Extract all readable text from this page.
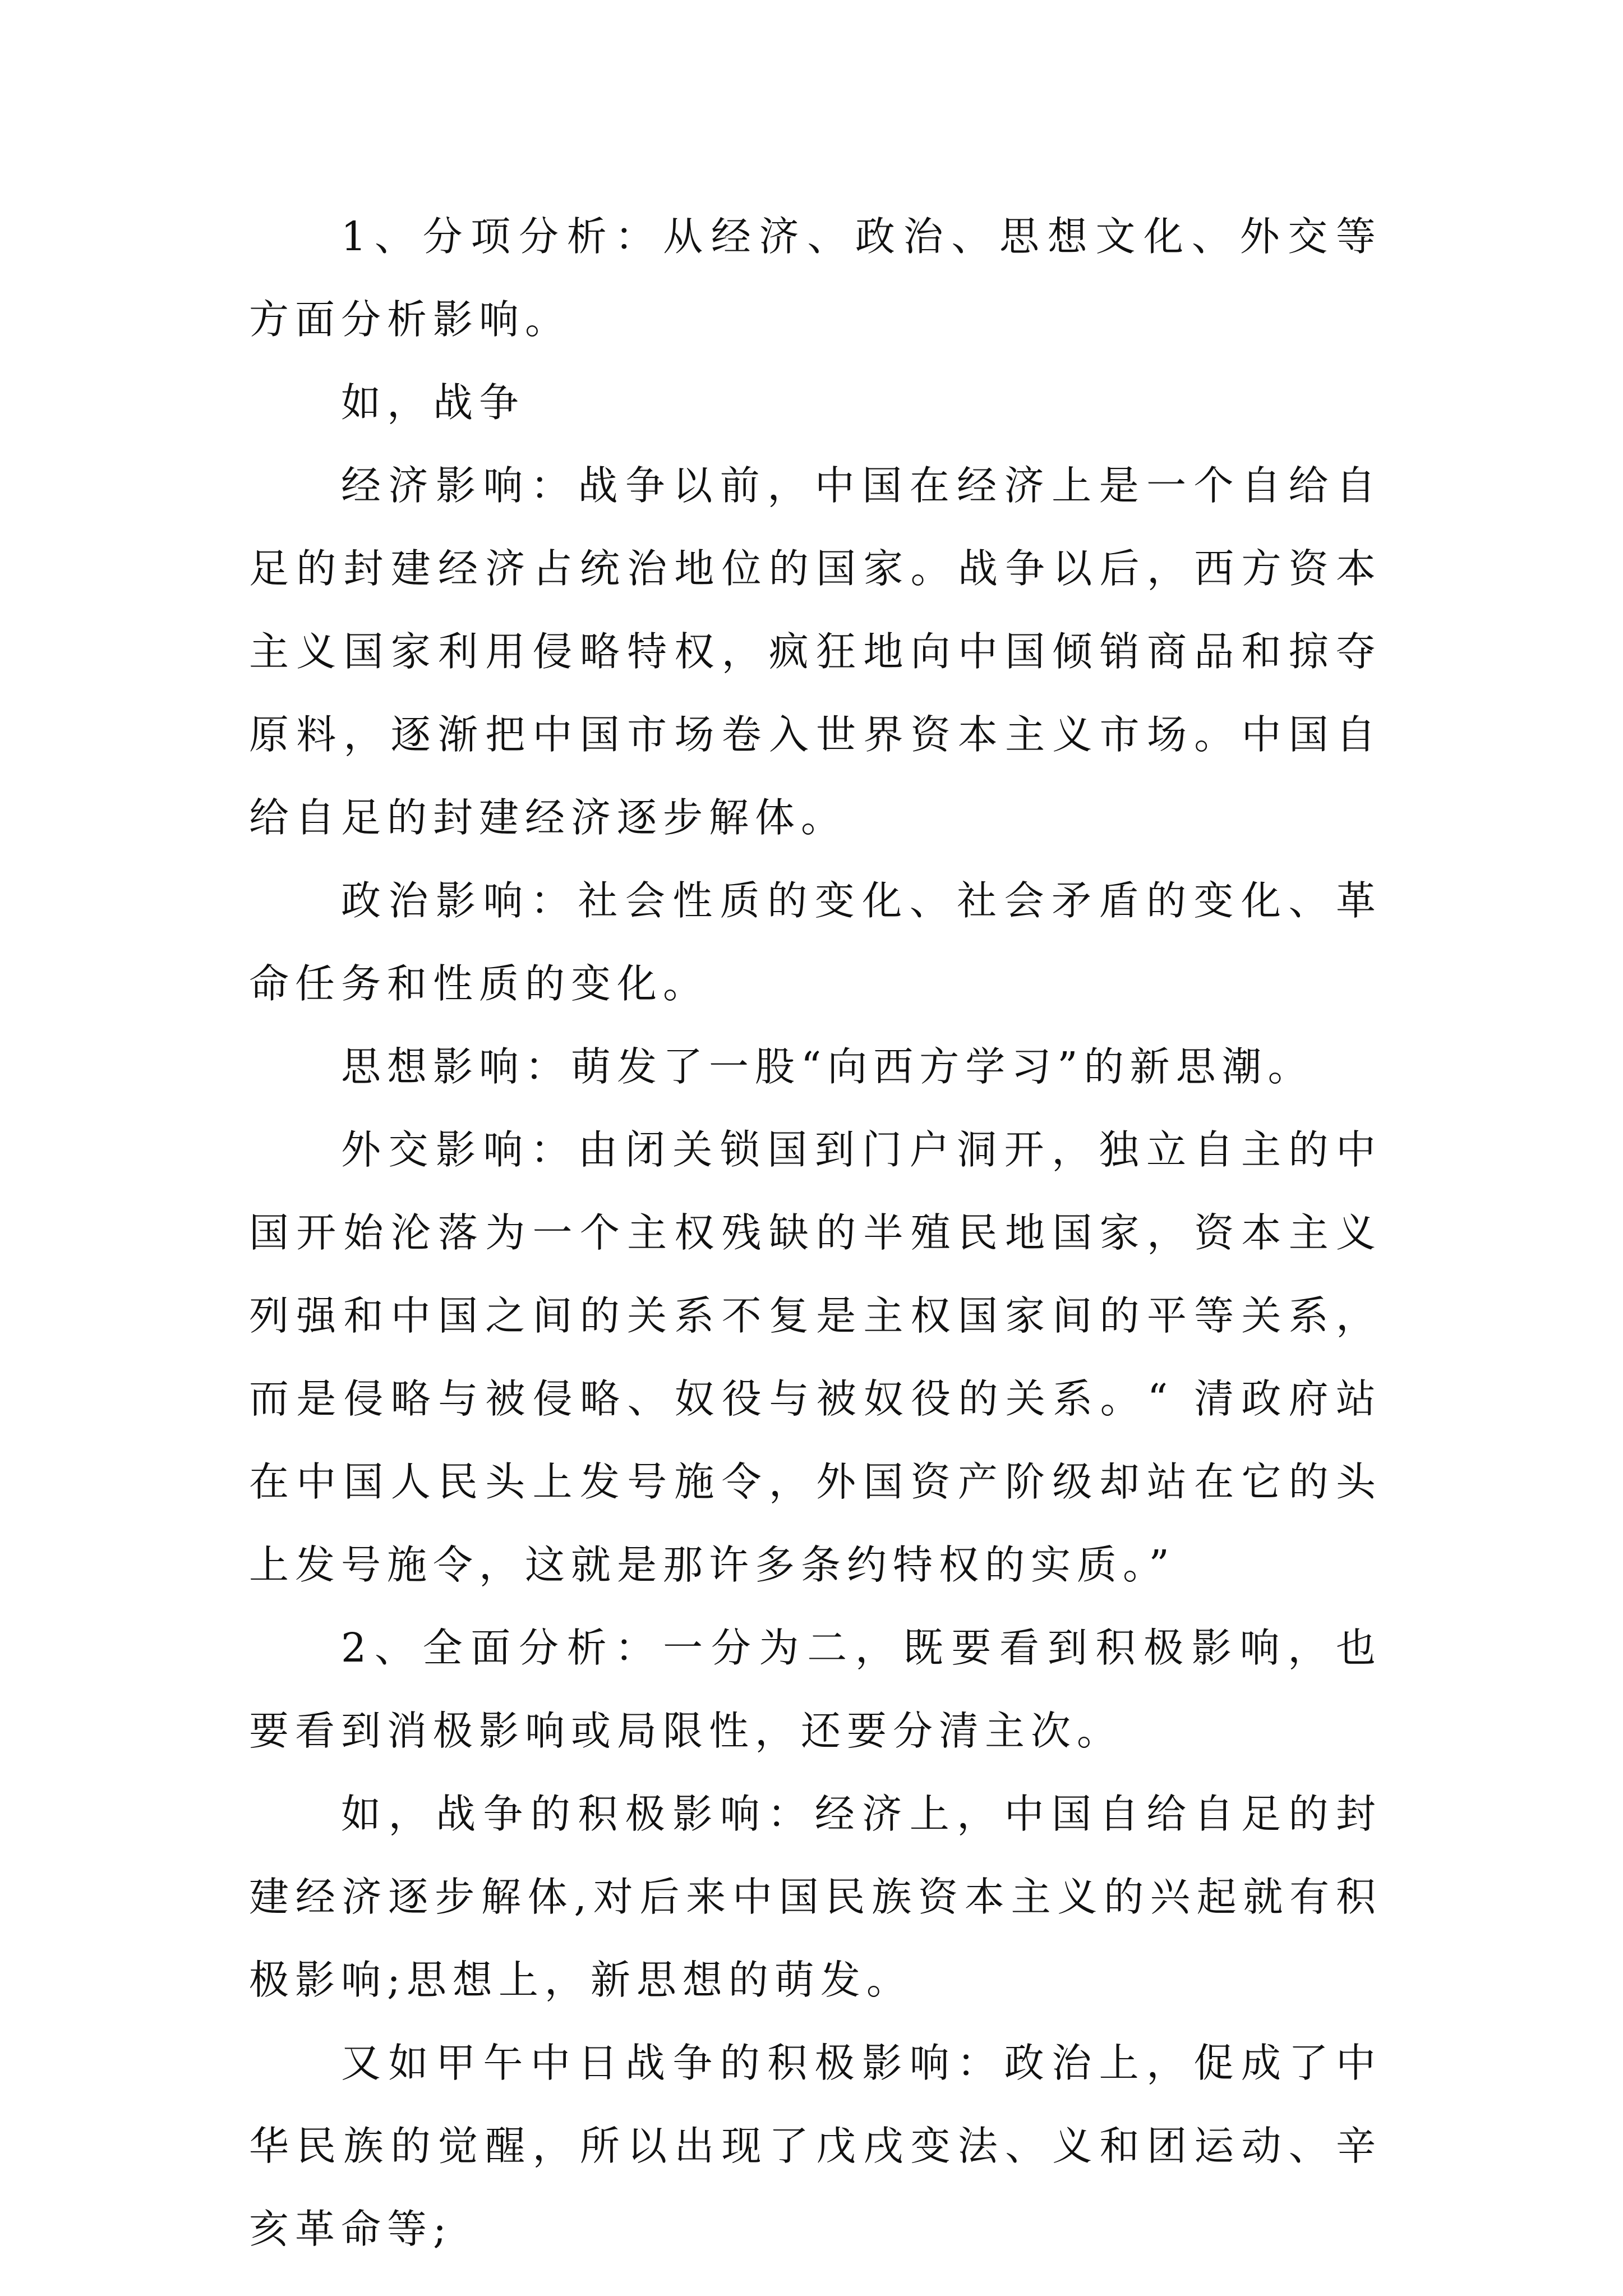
1、分项分析：从经济、政治、思想文化、外交等方面分析影响。

如，战争

经济影响：战争以前，中国在经济上是一个自给自足的封建经济占统治地位的国家。战争以后，西方资本主义国家利用侵略特权，疯狂地向中国倾销商品和掠夺原料，逐渐把中国市场卷入世界资本主义市场。中国自给自足的封建经济逐步解体。

政治影响：社会性质的变化、社会矛盾的变化、革命任务和性质的变化。

思想影响：萌发了一股“向西方学习”的新思潮。

外交影响：由闭关锁国到门户洞开，独立自主的中国开始沦落为一个主权残缺的半殖民地国家，资本主义列强和中国之间的关系不复是主权国家间的平等关系，而是侵略与被侵略、奴役与被奴役的关系。“ 清政府站在中国人民头上发号施令，外国资产阶级却站在它的头上发号施令，这就是那许多条约特权的实质。”

2、全面分析：一分为二，既要看到积极影响，也要看到消极影响或局限性，还要分清主次。

如，战争的积极影响：经济上，中国自给自足的封建经济逐步解体,对后来中国民族资本主义的兴起就有积极影响;思想上，新思想的萌发。

又如甲午中日战争的积极影响：政治上，促成了中华民族的觉醒，所以出现了戊戌变法、义和团运动、辛亥革命等;
